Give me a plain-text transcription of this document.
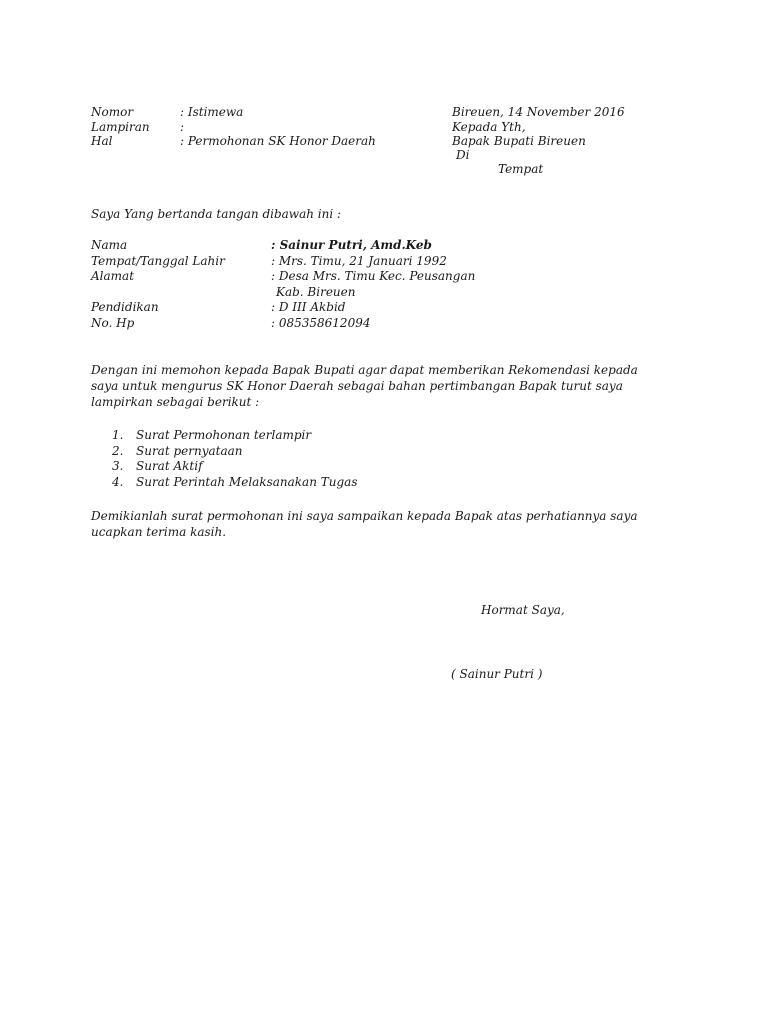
Nomor	: Istimewa
Lampiran	:
Hal	: Permohonan SK Honor Daerah
Bireuen, 14 November 2016
Kepada Yth,
Bapak Bupati Bireuen
Di
Tempat
Saya Yang bertanda tangan dibawah ini :
Nama	: Sainur Putri, Amd.Keb
Tempat/Tanggal Lahir	: Mrs. Timu, 21 Januari 1992
Alamat	: Desa Mrs. Timu Kec. Peusangan
Kab. Bireuen
Pendidikan	: D III Akbid
No. Hp	: 085358612094
Dengan ini memohon kepada Bapak Bupati agar dapat memberikan Rekomendasi kepada
saya untuk mengurus SK Honor Daerah sebagai bahan pertimbangan Bapak turut saya
lampirkan sebagai berikut :
1. Surat Permohonan terlampir
2. Surat pernyataan
3. Surat Aktif
4. Surat Perintah Melaksanakan Tugas
Demikianlah surat permohonan ini saya sampaikan kepada Bapak atas perhatiannya saya
ucapkan terima kasih.
Hormat Saya,
( Sainur Putri )
